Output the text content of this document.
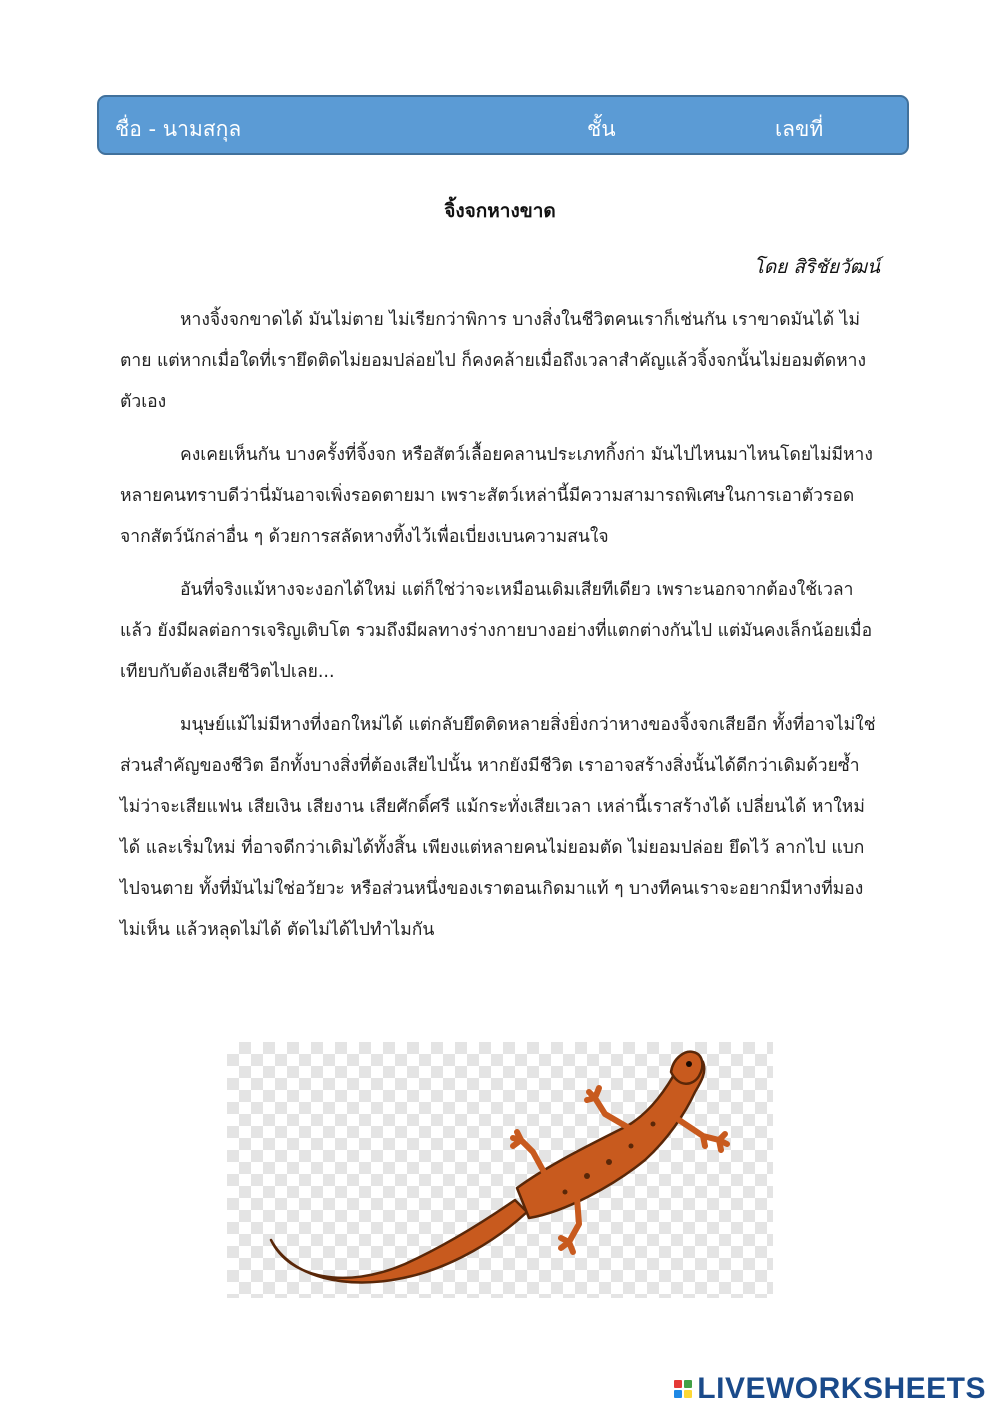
ชื่อ - นามสกุล	ชั้น	เลขที่
จิ้งจกหางขาด
โดย สิริชัยวัฒน์

หางจิ้งจกขาดได้ มันไม่ตาย ไม่เรียกว่าพิการ บางสิ่งในชีวิตคนเราก็เช่นกัน เราขาดมันได้ ไม่ตาย แต่หากเมื่อใดที่เรายึดติดไม่ยอมปล่อยไป ก็คงคล้ายเมื่อถึงเวลาสำคัญแล้วจิ้งจกนั้นไม่ยอมตัดหางตัวเอง

คงเคยเห็นกัน บางครั้งที่จิ้งจก หรือสัตว์เลื้อยคลานประเภทกิ้งก่า มันไปไหนมาไหนโดยไม่มีหาง หลายคนทราบดีว่านี่มันอาจเพิ่งรอดตายมา เพราะสัตว์เหล่านี้มีความสามารถพิเศษในการเอาตัวรอดจากสัตว์นักล่าอื่น ๆ ด้วยการสลัดหางทิ้งไว้เพื่อเบี่ยงเบนความสนใจ

อันที่จริงแม้หางจะงอกได้ใหม่ แต่ก็ใช่ว่าจะเหมือนเดิมเสียทีเดียว เพราะนอกจากต้องใช้เวลาแล้ว ยังมีผลต่อการเจริญเติบโต รวมถึงมีผลทางร่างกายบางอย่างที่แตกต่างกันไป แต่มันคงเล็กน้อยเมื่อเทียบกับต้องเสียชีวิตไปเลย...

มนุษย์แม้ไม่มีหางที่งอกใหม่ได้ แต่กลับยึดติดหลายสิ่งยิ่งกว่าหางของจิ้งจกเสียอีก ทั้งที่อาจไม่ใช่ส่วนสำคัญของชีวิต อีกทั้งบางสิ่งที่ต้องเสียไปนั้น หากยังมีชีวิต เราอาจสร้างสิ่งนั้นได้ดีกว่าเดิมด้วยซ้ำ ไม่ว่าจะเสียแฟน เสียเงิน เสียงาน เสียศักดิ์ศรี แม้กระทั่งเสียเวลา เหล่านี้เราสร้างได้ เปลี่ยนได้ หาใหม่ได้ และเริ่มใหม่ ที่อาจดีกว่าเดิมได้ทั้งสิ้น เพียงแต่หลายคนไม่ยอมตัด ไม่ยอมปล่อย ยึดไว้ ลากไป แบกไปจนตาย ทั้งที่มันไม่ใช่อวัยวะ หรือส่วนหนึ่งของเราตอนเกิดมาแท้ ๆ บางทีคนเราจะอยากมีหางที่มองไม่เห็น แล้วหลุดไม่ได้ ตัดไม่ได้ไปทำไมกัน

LIVEWORKSHEETS
